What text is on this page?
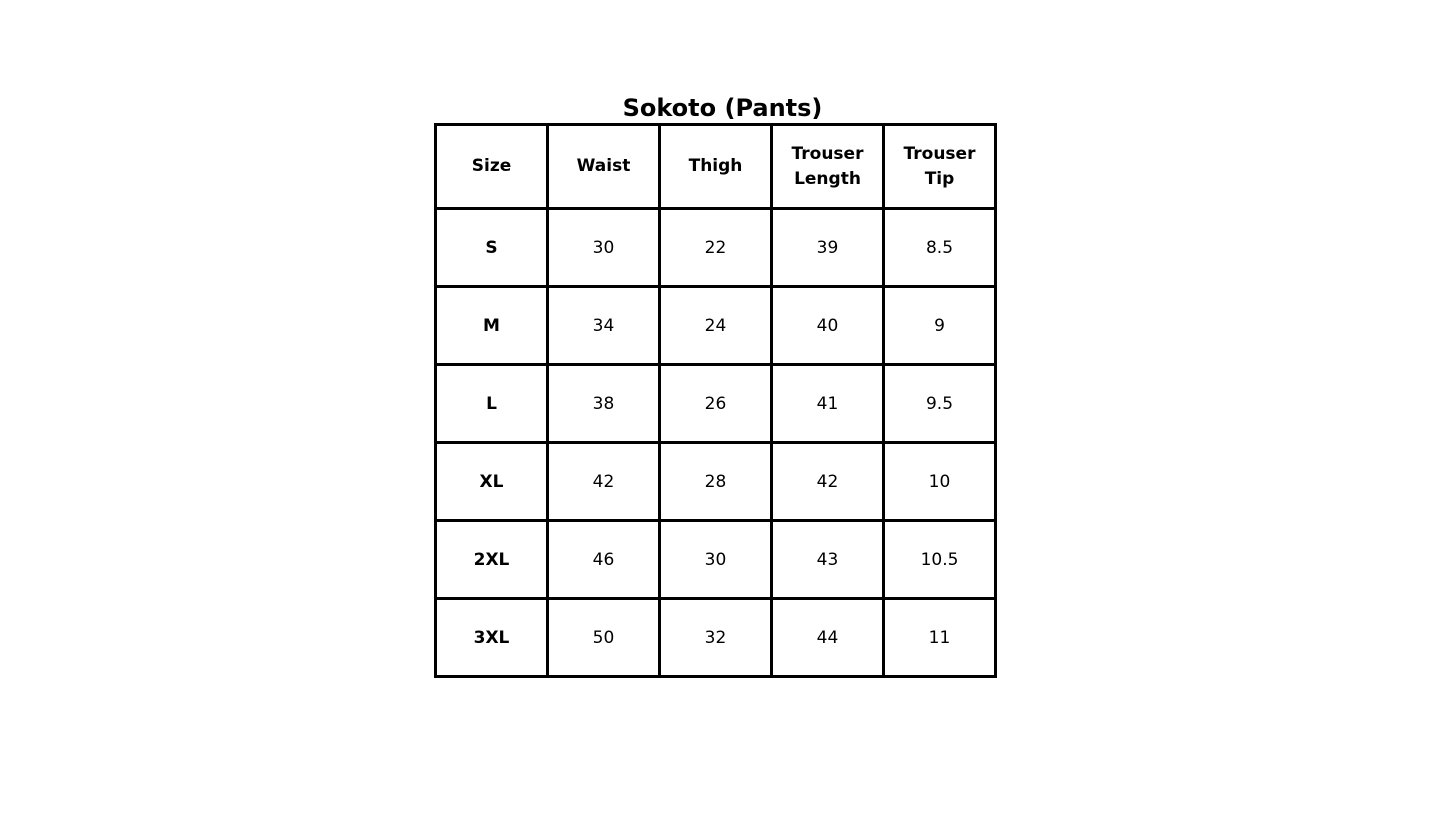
Sokoto (Pants)
Size	Waist	Thigh	Trouser Length	Trouser Tip
S	30	22	39	8.5
M	34	24	40	9
L	38	26	41	9.5
XL	42	28	42	10
2XL	46	30	43	10.5
3XL	50	32	44	11
